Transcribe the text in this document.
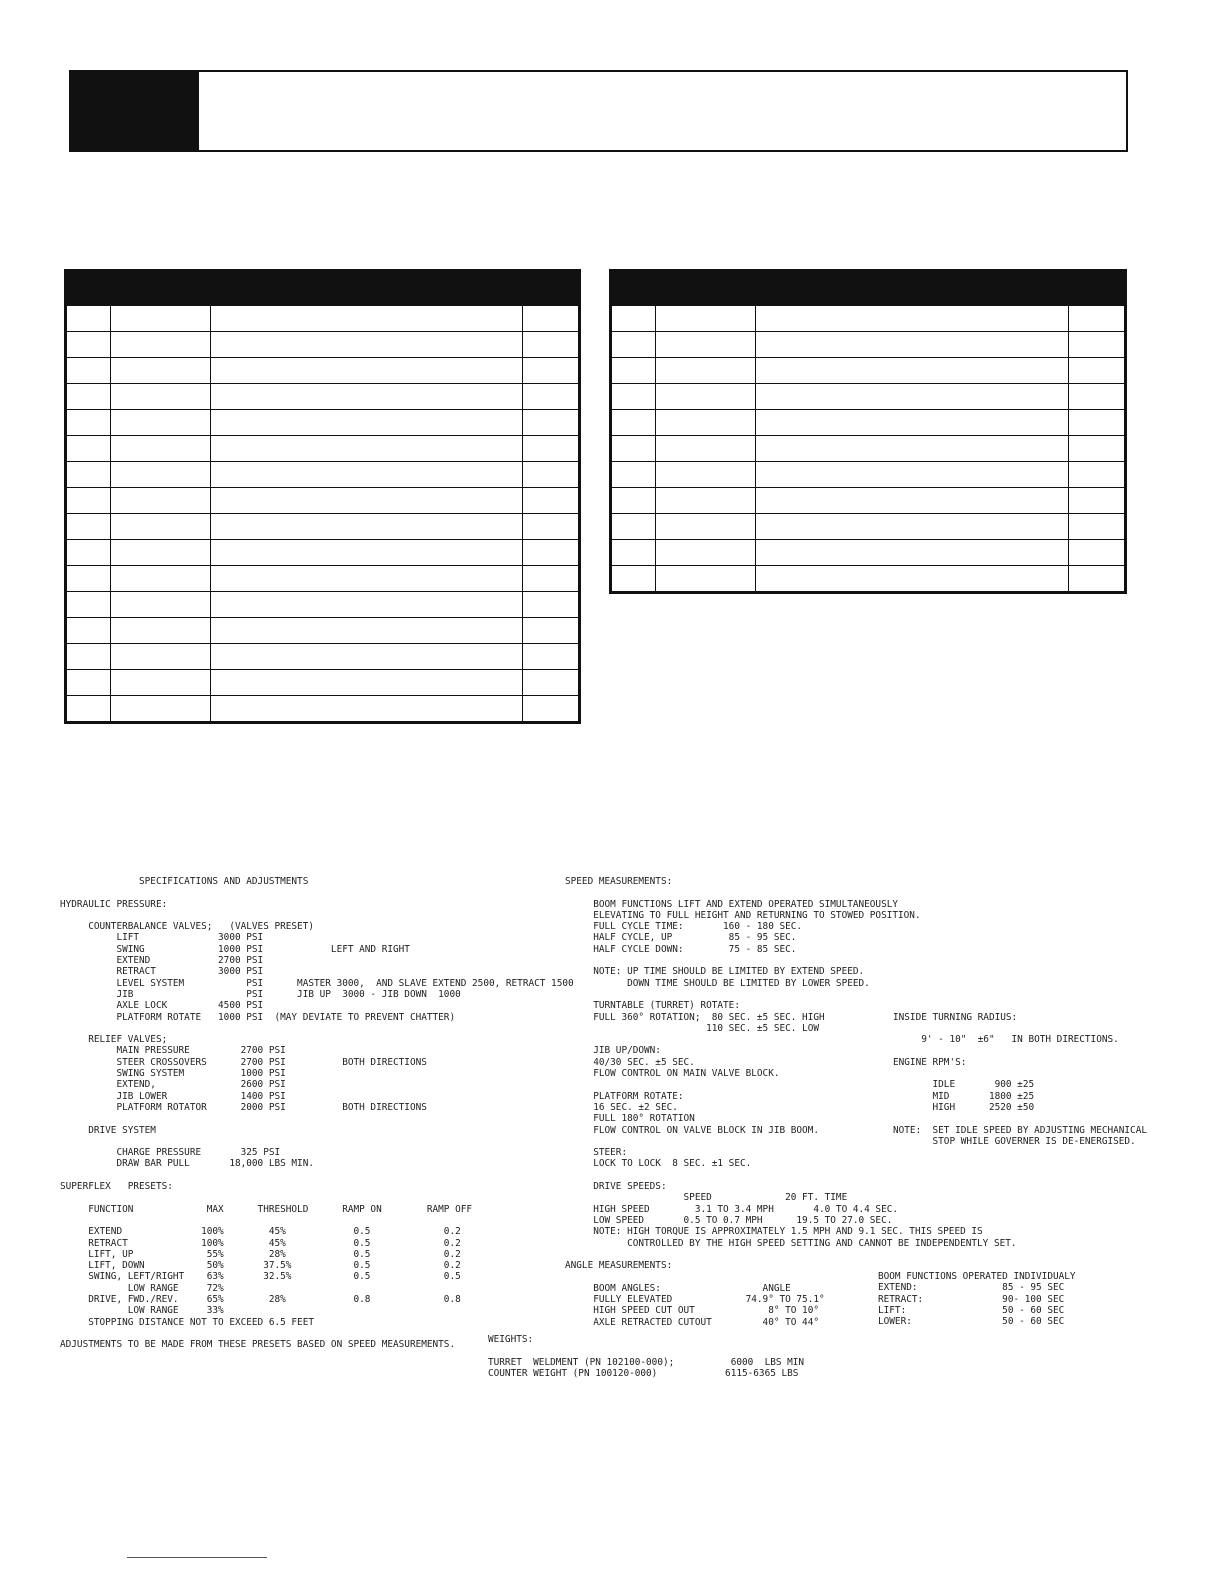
SPECIFICATIONS AND ADJUSTMENTS

HYDRAULIC PRESSURE:

COUNTERBALANCE VALVES;   (VALVES PRESET)
LIFT              3000 PSI
SWING             1000 PSI            LEFT AND RIGHT
EXTEND            2700 PSI
RETRACT           3000 PSI
LEVEL SYSTEM           PSI      MASTER 3000,  AND SLAVE EXTEND 2500, RETRACT 1500
JIB                    PSI      JIB UP  3000 - JIB DOWN  1000
AXLE LOCK         4500 PSI
PLATFORM ROTATE   1000 PSI  (MAY DEVIATE TO PREVENT CHATTER)

RELIEF VALVES;
MAIN PRESSURE         2700 PSI
STEER CROSSOVERS      2700 PSI          BOTH DIRECTIONS
SWING SYSTEM          1000 PSI
EXTEND,               2600 PSI
JIB LOWER             1400 PSI
PLATFORM ROTATOR      2000 PSI          BOTH DIRECTIONS

DRIVE SYSTEM

CHARGE PRESSURE       325 PSI
DRAW BAR PULL       18,000 LBS MIN.

SUPERFLEX   PRESETS:

FUNCTION             MAX      THRESHOLD      RAMP ON        RAMP OFF

EXTEND              100%        45%            0.5             0.2
RETRACT             100%        45%            0.5             0.2
LIFT, UP             55%        28%            0.5             0.2
LIFT, DOWN           50%       37.5%           0.5             0.2
SWING, LEFT/RIGHT    63%       32.5%           0.5             0.5
LOW RANGE     72%
DRIVE, FWD./REV.     65%        28%            0.8             0.8
LOW RANGE     33%
STOPPING DISTANCE NOT TO EXCEED 6.5 FEET

ADJUSTMENTS TO BE MADE FROM THESE PRESETS BASED ON SPEED MEASUREMENTS.
SPEED MEASUREMENTS:

BOOM FUNCTIONS LIFT AND EXTEND OPERATED SIMULTANEOUSLY
ELEVATING TO FULL HEIGHT AND RETURNING TO STOWED POSITION.
FULL CYCLE TIME:       160 - 180 SEC.
HALF CYCLE, UP          85 - 95 SEC.
HALF CYCLE DOWN:        75 - 85 SEC.

NOTE: UP TIME SHOULD BE LIMITED BY EXTEND SPEED.
DOWN TIME SHOULD BE LIMITED BY LOWER SPEED.

TURNTABLE (TURRET) ROTATE:
FULL 360° ROTATION;  80 SEC. ±5 SEC. HIGH
110 SEC. ±5 SEC. LOW

JIB UP/DOWN:
40/30 SEC. ±5 SEC.
FLOW CONTROL ON MAIN VALVE BLOCK.

PLATFORM ROTATE:
16 SEC. ±2 SEC.
FULL 180° ROTATION
FLOW CONTROL ON VALVE BLOCK IN JIB BOOM.

STEER:
LOCK TO LOCK  8 SEC. ±1 SEC.

DRIVE SPEEDS:
SPEED             20 FT. TIME
HIGH SPEED        3.1 TO 3.4 MPH       4.0 TO 4.4 SEC.
LOW SPEED       0.5 TO 0.7 MPH      19.5 TO 27.0 SEC.
NOTE: HIGH TORQUE IS APPROXIMATELY 1.5 MPH AND 9.1 SEC. THIS SPEED IS
CONTROLLED BY THE HIGH SPEED SETTING AND CANNOT BE INDEPENDENTLY SET.

ANGLE MEASUREMENTS:

BOOM ANGLES:                  ANGLE
FULLY ELEVATED             74.9° TO 75.1°
HIGH SPEED CUT OUT             8° TO 10°
AXLE RETRACTED CUTOUT         40° TO 44°

INSIDE TURNING RADIUS:

9' - 10"  ±6"   IN BOTH DIRECTIONS.

ENGINE RPM'S:

IDLE       900 ±25
MID       1800 ±25
HIGH      2520 ±50

NOTE:  SET IDLE SPEED BY ADJUSTING MECHANICAL
STOP WHILE GOVERNER IS DE-ENERGISED.
BOOM FUNCTIONS OPERATED INDIVIDUALY
EXTEND:               85 - 95 SEC
RETRACT:              90- 100 SEC
LIFT:                 50 - 60 SEC
LOWER:                50 - 60 SEC
WEIGHTS:

TURRET  WELDMENT (PN 102100-000);          6000  LBS MIN
COUNTER WEIGHT (PN 100120-000)            6115-6365 LBS
